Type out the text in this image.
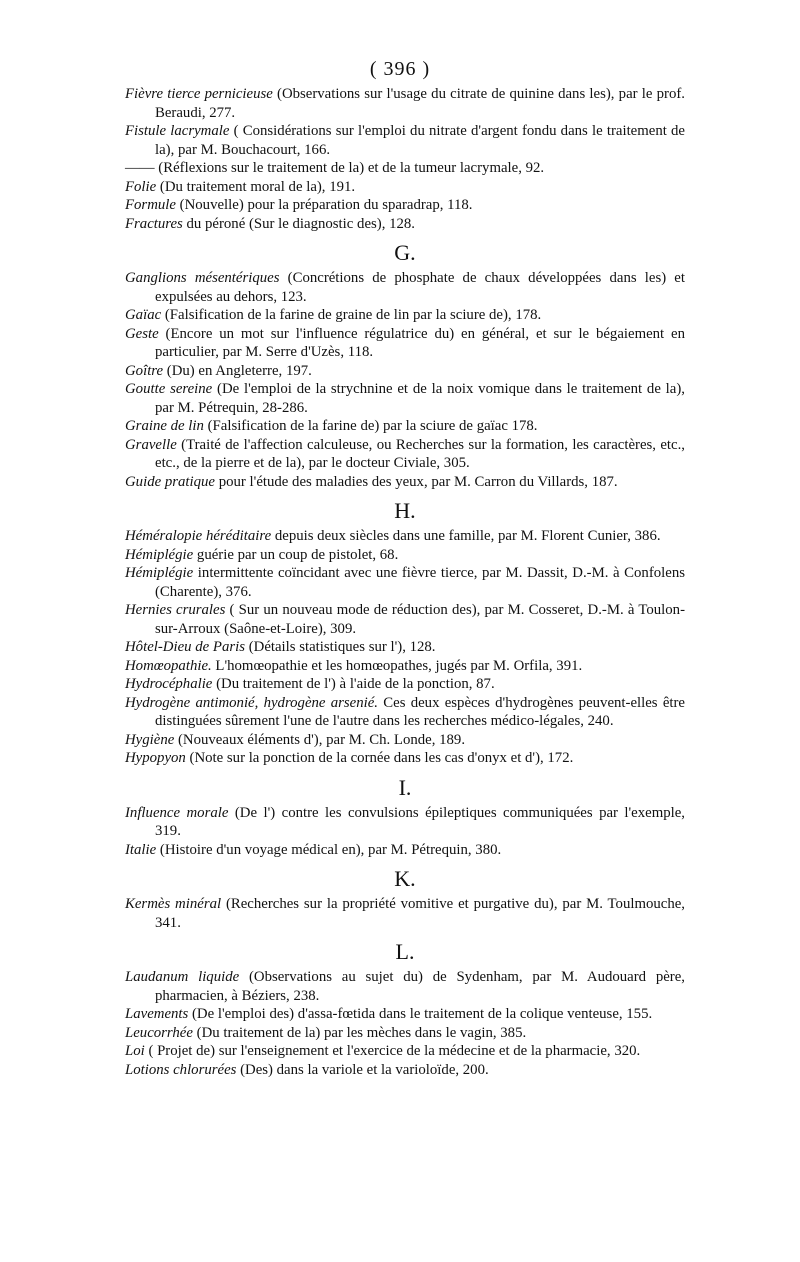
( 396 )

Fièvre tierce pernicieuse (Observations sur l'usage du citrate de quinine dans les), par le prof. Beraudi, 277.

Fistule lacrymale ( Considérations sur l'emploi du nitrate d'argent fondu dans le traitement de la), par M. Bouchacourt, 166.

—— (Réflexions sur le traitement de la) et de la tumeur lacrymale, 92.

Folie (Du traitement moral de la), 191.

Formule (Nouvelle) pour la préparation du sparadrap, 118.

Fractures du péroné (Sur le diagnostic des), 128.

G.

Ganglions mésentériques (Concrétions de phosphate de chaux développées dans les) et expulsées au dehors, 123.

Gaïac (Falsification de la farine de graine de lin par la sciure de), 178.

Geste (Encore un mot sur l'influence régulatrice du) en général, et sur le bégaiement en particulier, par M. Serre d'Uzès, 118.

Goître (Du) en Angleterre, 197.

Goutte sereine (De l'emploi de la strychnine et de la noix vomique dans le traitement de la), par M. Pétrequin, 28-286.

Graine de lin (Falsification de la farine de) par la sciure de gaïac 178.

Gravelle (Traité de l'affection calculeuse, ou Recherches sur la formation, les caractères, etc., etc., de la pierre et de la), par le docteur Civiale, 305.

Guide pratique pour l'étude des maladies des yeux, par M. Carron du Villards, 187.

H.

Héméralopie héréditaire depuis deux siècles dans une famille, par M. Florent Cunier, 386.

Hémiplégie guérie par un coup de pistolet, 68.

Hémiplégie intermittente coïncidant avec une fièvre tierce, par M. Dassit, D.-M. à Confolens (Charente), 376.

Hernies crurales ( Sur un nouveau mode de réduction des), par M. Cosseret, D.-M. à Toulon-sur-Arroux (Saône-et-Loire), 309.

Hôtel-Dieu de Paris (Détails statistiques sur l'), 128.

Homœopathie. L'homœopathie et les homœopathes, jugés par M. Orfila, 391.

Hydrocéphalie (Du traitement de l') à l'aide de la ponction, 87.

Hydrogène antimonié, hydrogène arsenié. Ces deux espèces d'hydrogènes peuvent-elles être distinguées sûrement l'une de l'autre dans les recherches médico-légales, 240.

Hygiène (Nouveaux éléments d'), par M. Ch. Londe, 189.

Hypopyon (Note sur la ponction de la cornée dans les cas d'onyx et d'), 172.

I.

Influence morale (De l') contre les convulsions épileptiques communiquées par l'exemple, 319.

Italie (Histoire d'un voyage médical en), par M. Pétrequin, 380.

K.

Kermès minéral (Recherches sur la propriété vomitive et purgative du), par M. Toulmouche, 341.

L.

Laudanum liquide (Observations au sujet du) de Sydenham, par M. Audouard père, pharmacien, à Béziers, 238.

Lavements (De l'emploi des) d'assa-fœtida dans le traitement de la colique venteuse, 155.

Leucorrhée (Du traitement de la) par les mèches dans le vagin, 385.

Loi ( Projet de) sur l'enseignement et l'exercice de la médecine et de la pharmacie, 320.

Lotions chlorurées (Des) dans la variole et la varioloïde, 200.
